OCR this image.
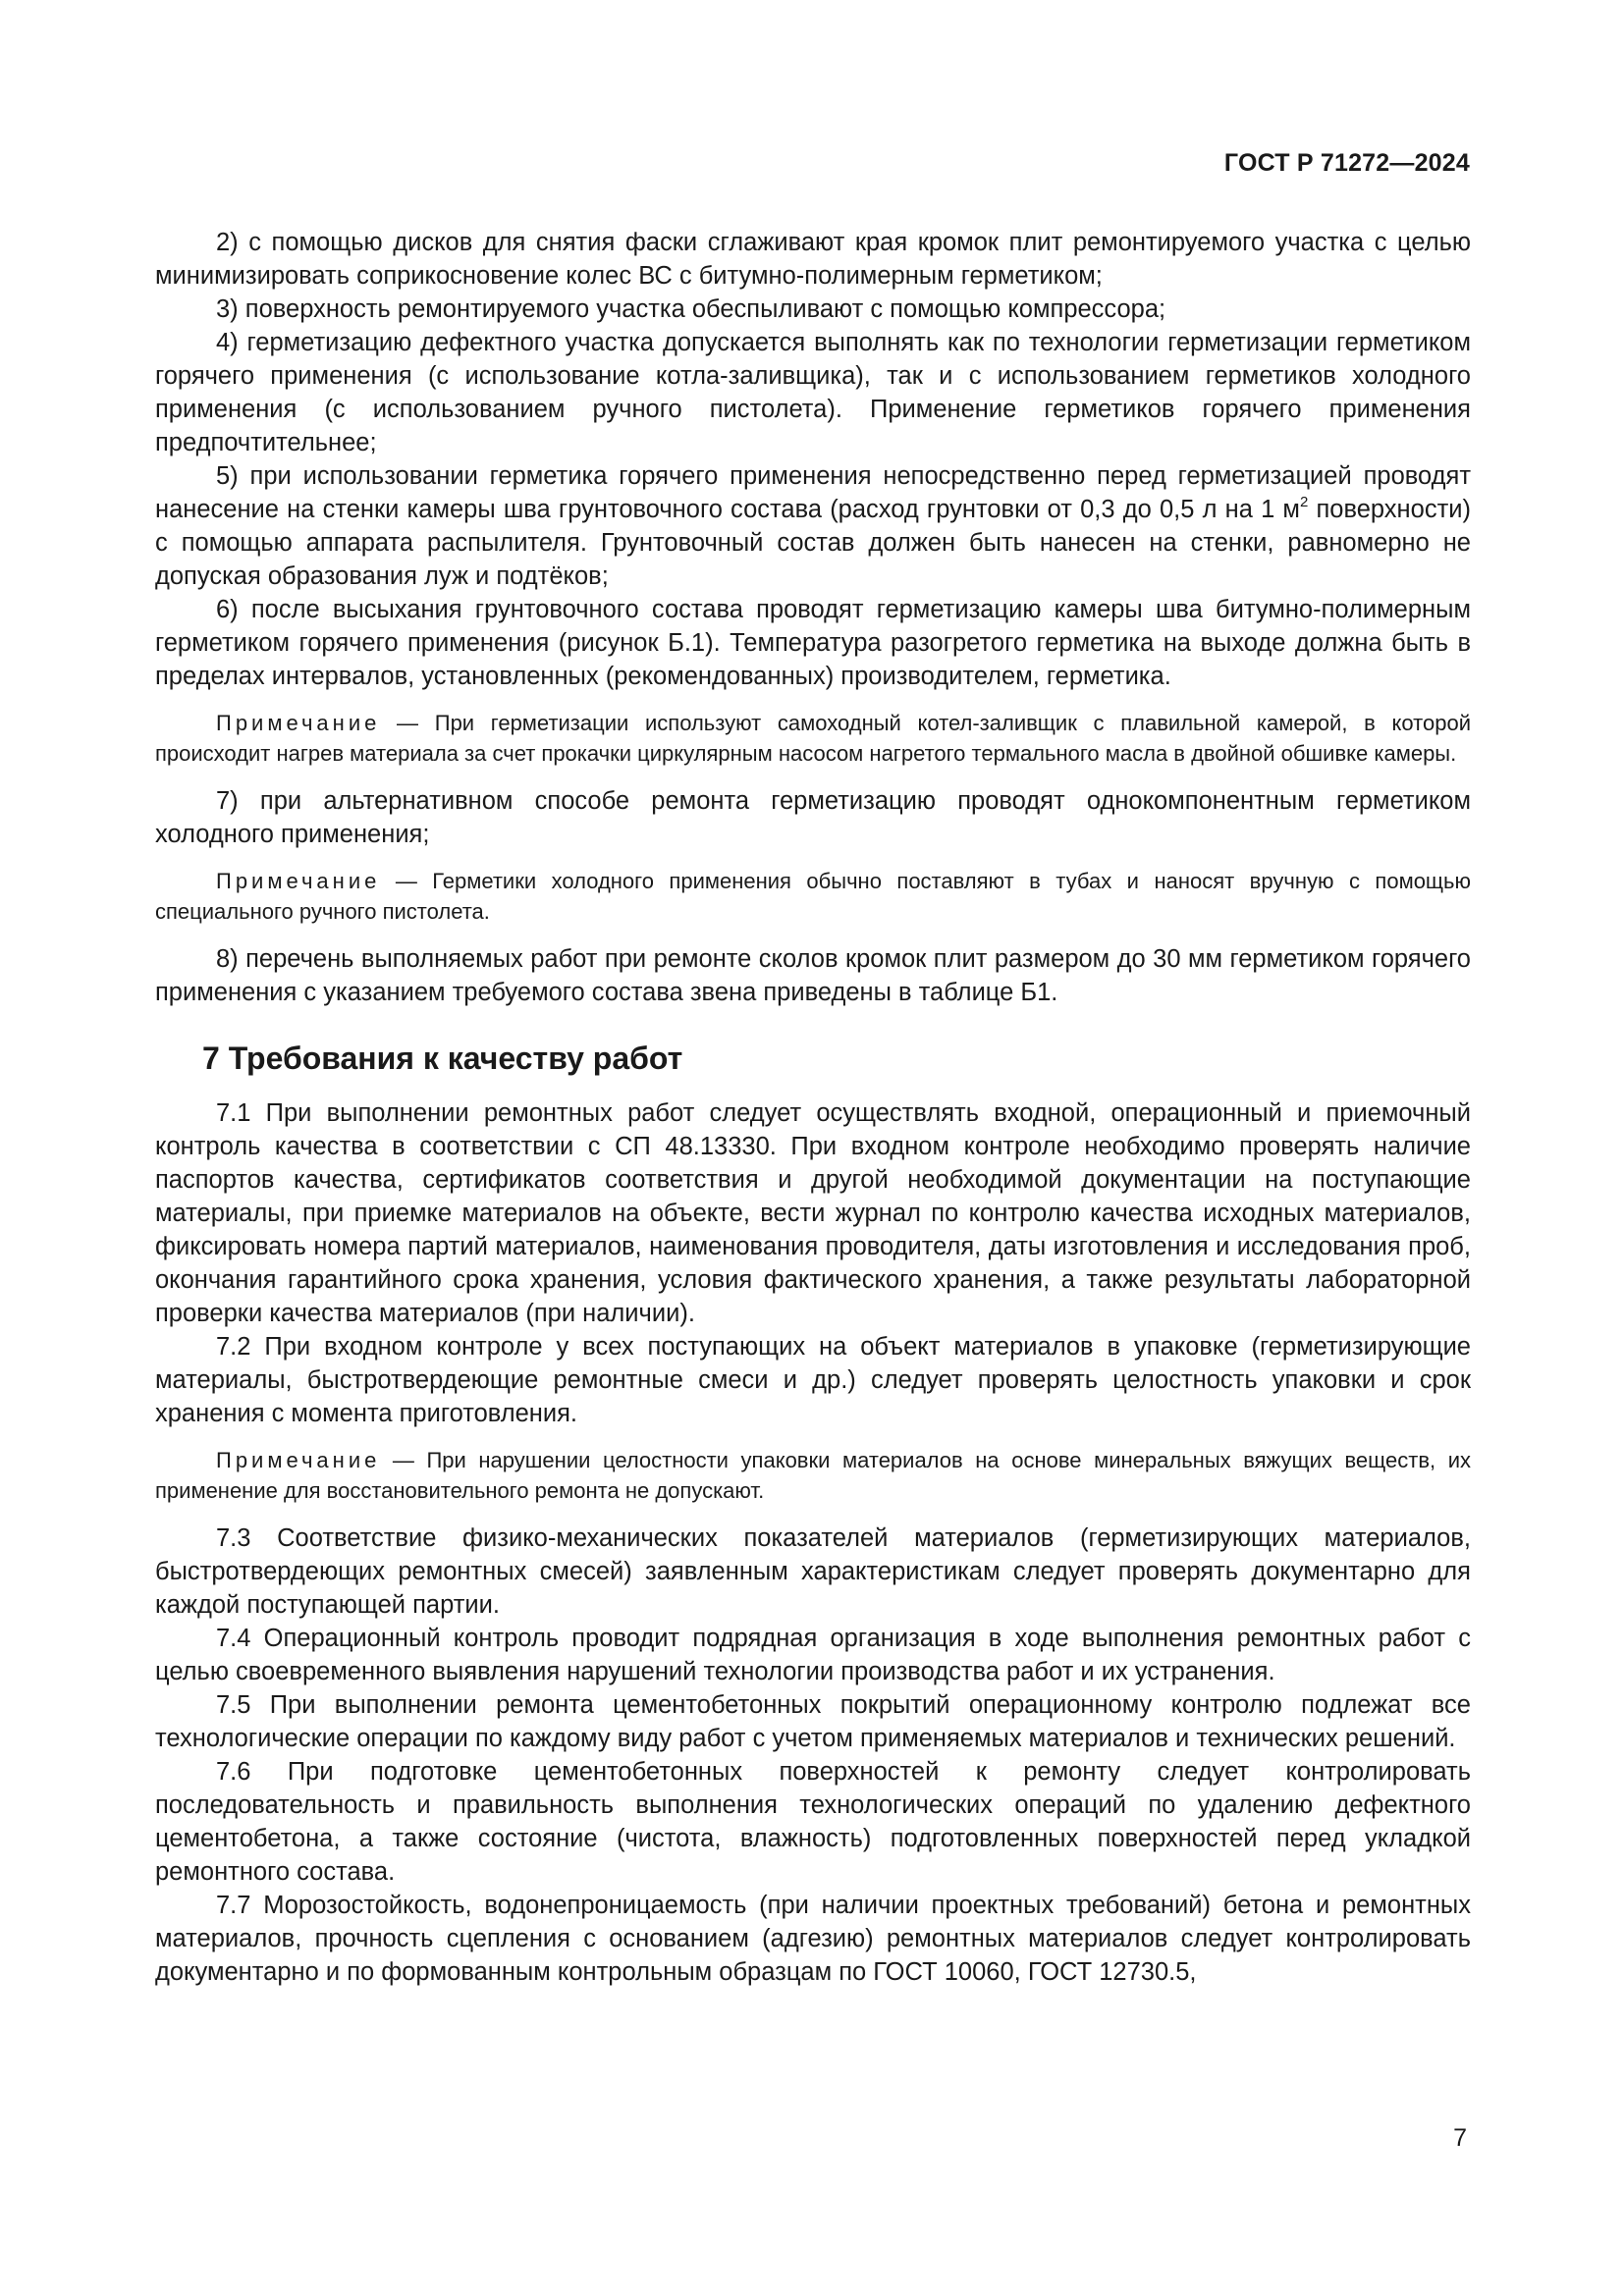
ГОСТ Р 71272—2024

2) с помощью дисков для снятия фаски сглаживают края кромок плит ремонтируемого участка с целью минимизировать соприкосновение колес ВС с битумно-полимерным герметиком;

3) поверхность ремонтируемого участка обеспыливают с помощью компрессора;

4) герметизацию дефектного участка допускается выполнять как по технологии герметизации герметиком горячего применения (с использование котла-заливщика), так и с использованием герметиков холодного применения (с использованием ручного пистолета). Применение герметиков горячего применения предпочтительнее;

5) при использовании герметика горячего применения непосредственно перед герметизацией проводят нанесение на стенки камеры шва грунтовочного состава (расход грунтовки от 0,3 до 0,5 л на 1 $м^2$ поверхности) с помощью аппарата распылителя. Грунтовочный состав должен быть нанесен на стенки, равномерно не допуская образования луж и подтёков;

6) после высыхания грунтовочного состава проводят герметизацию камеры шва битумно-полимерным герметиком горячего применения (рисунок Б.1). Температура разогретого герметика на выходе должна быть в пределах интервалов, установленных (рекомендованных) производителем, герметика.

Примечание — При герметизации используют самоходный котел-заливщик с плавильной камерой, в которой происходит нагрев материала за счет прокачки циркулярным насосом нагретого термального масла в двойной обшивке камеры.

7) при альтернативном способе ремонта герметизацию проводят однокомпонентным герметиком холодного применения;

Примечание — Герметики холодного применения обычно поставляют в тубах и наносят вручную с помощью специального ручного пистолета.

8) перечень выполняемых работ при ремонте сколов кромок плит размером до 30 мм герметиком горячего применения с указанием требуемого состава звена приведены в таблице Б1.

7 Требования к качеству работ

7.1 При выполнении ремонтных работ следует осуществлять входной, операционный и приемочный контроль качества в соответствии с СП 48.13330. При входном контроле необходимо проверять наличие паспортов качества, сертификатов соответствия и другой необходимой документации на поступающие материалы, при приемке материалов на объекте, вести журнал по контролю качества исходных материалов, фиксировать номера партий материалов, наименования проводителя, даты изготовления и исследования проб, окончания гарантийного срока хранения, условия фактического хранения, а также результаты лабораторной проверки качества материалов (при наличии).

7.2 При входном контроле у всех поступающих на объект материалов в упаковке (герметизирующие материалы, быстротвердеющие ремонтные смеси и др.) следует проверять целостность упаковки и срок хранения с момента приготовления.

Примечание — При нарушении целостности упаковки материалов на основе минеральных вяжущих веществ, их применение для восстановительного ремонта не допускают.

7.3 Соответствие физико-механических показателей материалов (герметизирующих материалов, быстротвердеющих ремонтных смесей) заявленным характеристикам следует проверять документарно для каждой поступающей партии.

7.4 Операционный контроль проводит подрядная организация в ходе выполнения ремонтных работ с целью своевременного выявления нарушений технологии производства работ и их устранения.

7.5 При выполнении ремонта цементобетонных покрытий операционному контролю подлежат все технологические операции по каждому виду работ с учетом применяемых материалов и технических решений.

7.6 При подготовке цементобетонных поверхностей к ремонту следует контролировать последовательность и правильность выполнения технологических операций по удалению дефектного цементобетона, а также состояние (чистота, влажность) подготовленных поверхностей перед укладкой ремонтного состава.

7.7 Морозостойкость, водонепроницаемость (при наличии проектных требований) бетона и ремонтных материалов, прочность сцепления с основанием (адгезию) ремонтных материалов следует контролировать документарно и по формованным контрольным образцам по ГОСТ 10060, ГОСТ 12730.5,

7
